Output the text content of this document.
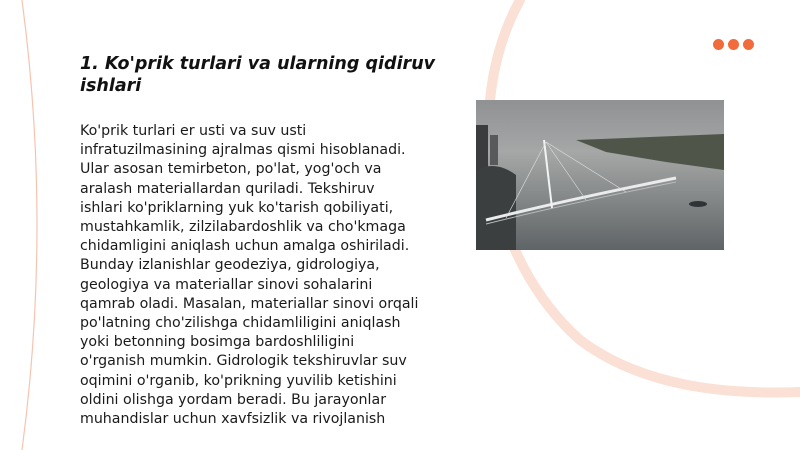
1. Ko'prik turlari va ularning qidiruv ishlari

Ko'prik turlari er usti va suv usti infratuzilmasining ajralmas qismi hisoblanadi. Ular asosan temirbeton, po'lat, yog'och va aralash materiallardan quriladi. Tekshiruv ishlari ko'priklarning yuk ko'tarish qobiliyati, mustahkamlik, zilzilabardoshlik va cho'kmaga chidamligini aniqlash uchun amalga oshiriladi. Bunday izlanishlar geodeziya, gidrologiya, geologiya va materiallar sinovi sohalarini qamrab oladi. Masalan, materiallar sinovi orqali po'latning cho'zilishga chidamliligini aniqlash yoki betonning bosimga bardoshliligini o'rganish mumkin. Gidrologik tekshiruvlar suv oqimini o'rganib, ko'prikning yuvilib ketishini oldini olishga yordam beradi. Bu jarayonlar muhandislar uchun xavfsizlik va rivojlanish
